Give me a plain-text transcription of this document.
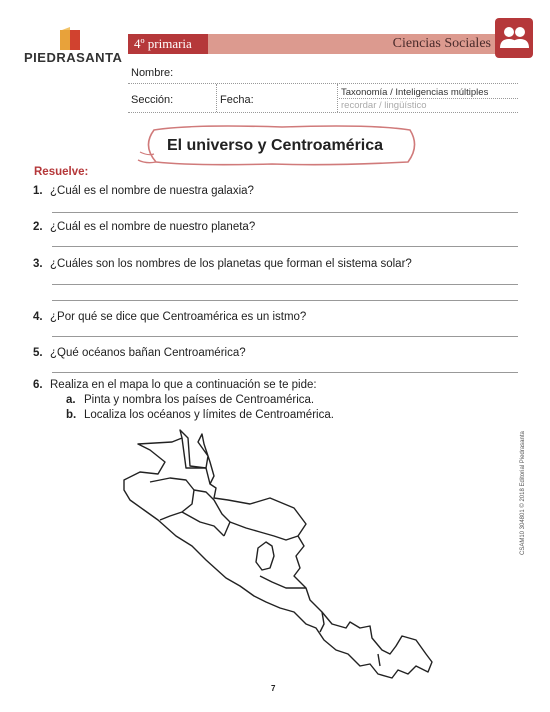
PIEDRASANTA
4º primaria	Ciencias Sociales
Nombre:
Sección:	Fecha:
Taxonomía / Inteligencias múltiples
recordar / lingüístico
El universo y Centroamérica
Resuelve:
1. ¿Cuál es el nombre de nuestra galaxia?
2. ¿Cuál es el nombre de nuestro planeta?
3. ¿Cuáles son los nombres de los planetas que forman el sistema solar?
4. ¿Por qué se dice que Centroamérica es un istmo?
5. ¿Qué océanos bañan Centroamérica?
6. Realiza en el mapa lo que a continuación se te pide:
a. Pinta y nombra los países de Centroamérica.
b. Localiza los océanos y límites de Centroamérica.
CSAM10 304801 © 2018 Editorial Piedrasanta
7
